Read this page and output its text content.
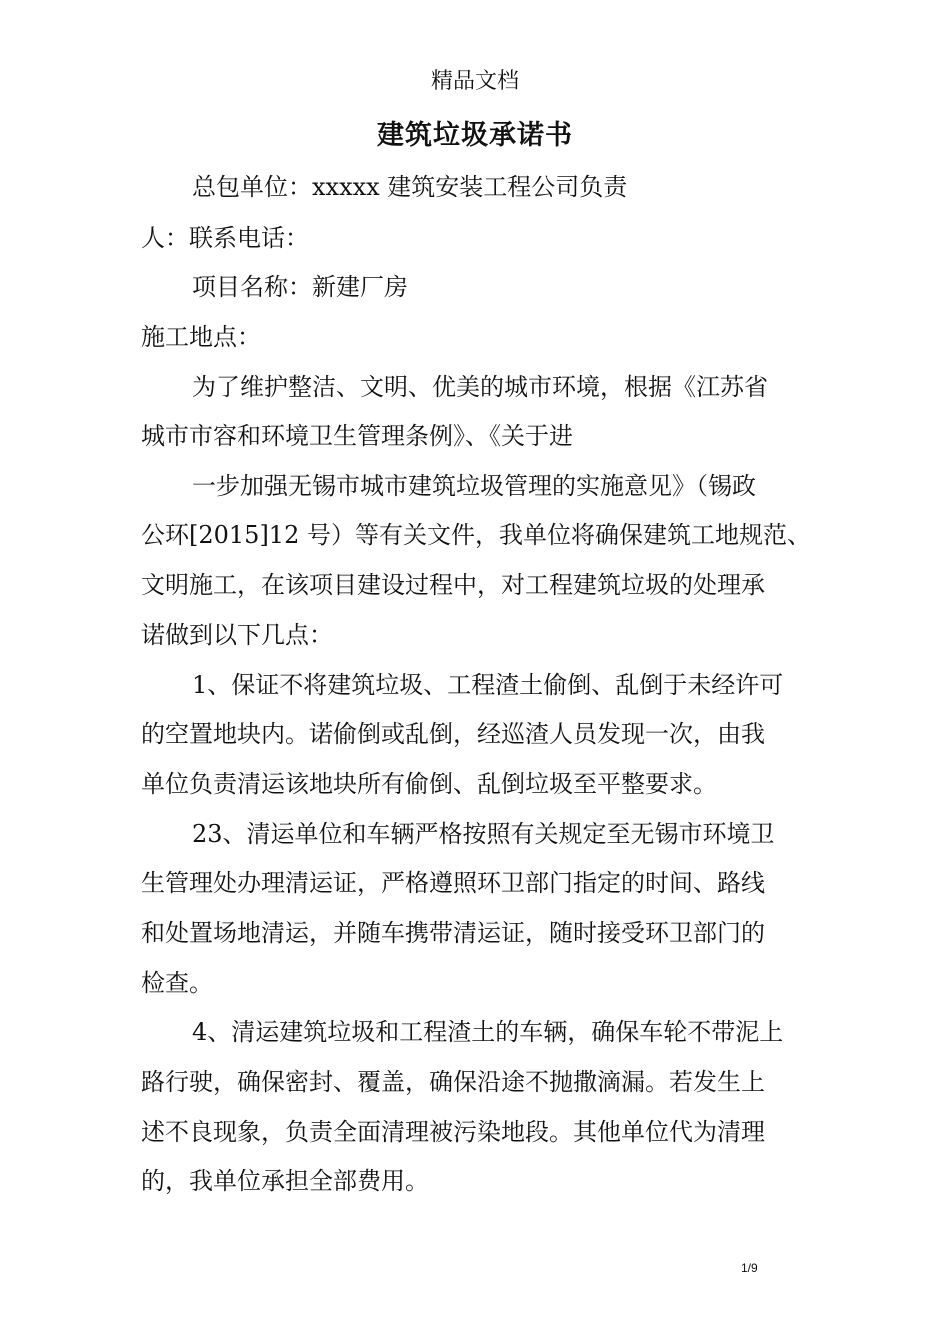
精品文档
建筑垃圾承诺书
总包单位：xxxxx 建筑安装工程公司负责
人：联系电话：
项目名称：新建厂房
施工地点：
为了维护整洁、文明、优美的城市环境，根据《江苏省
城市市容和环境卫生管理条例》、《关于进
一步加强无锡市城市建筑垃圾管理的实施意见》（锡政
公环[2015]12 号）等有关文件，我单位将确保建筑工地规范、
文明施工，在该项目建设过程中，对工程建筑垃圾的处理承
诺做到以下几点：
1、保证不将建筑垃圾、工程渣土偷倒、乱倒于未经许可
的空置地块内。诺偷倒或乱倒，经巡渣人员发现一次，由我
单位负责清运该地块所有偷倒、乱倒垃圾至平整要求。
23、清运单位和车辆严格按照有关规定至无锡市环境卫
生管理处办理清运证，严格遵照环卫部门指定的时间、路线
和处置场地清运，并随车携带清运证，随时接受环卫部门的
检查。
4、清运建筑垃圾和工程渣土的车辆，确保车轮不带泥上
路行驶，确保密封、覆盖，确保沿途不抛撒滴漏。若发生上
述不良现象，负责全面清理被污染地段。其他单位代为清理
的，我单位承担全部费用。
1/9
